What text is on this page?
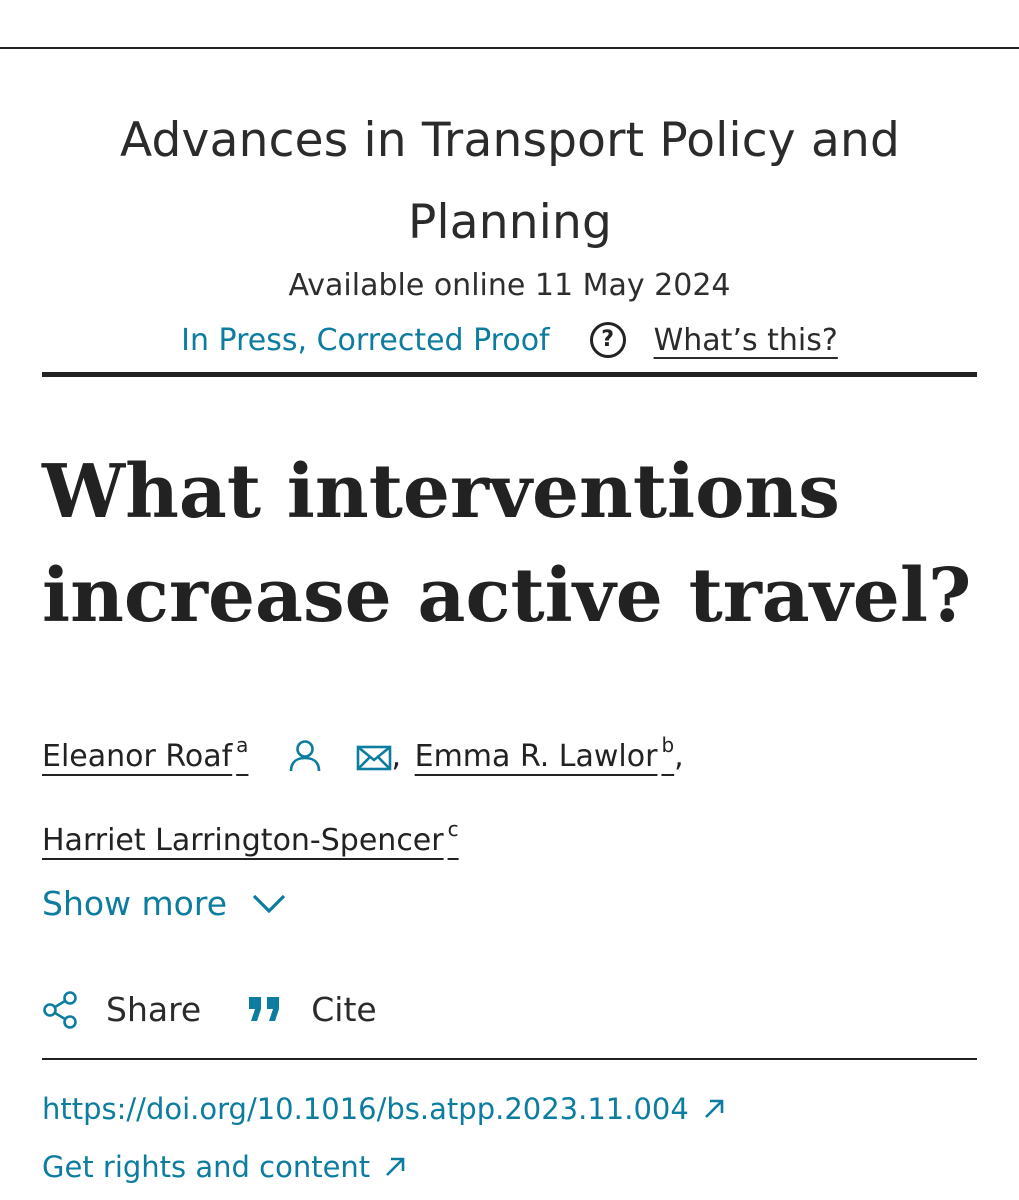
Advances in Transport Policy and Planning
Available online 11 May 2024
In Press, Corrected Proof	?	What’s this?
What interventions
increase active travel?
Eleanor Roaf $^a$	, Emma R. Lawlor $^b$,
Harriet Larrington-Spencer $^c$
Show more
Share	Cite
https://doi.org/10.1016/bs.atpp.2023.11.004
Get rights and content
